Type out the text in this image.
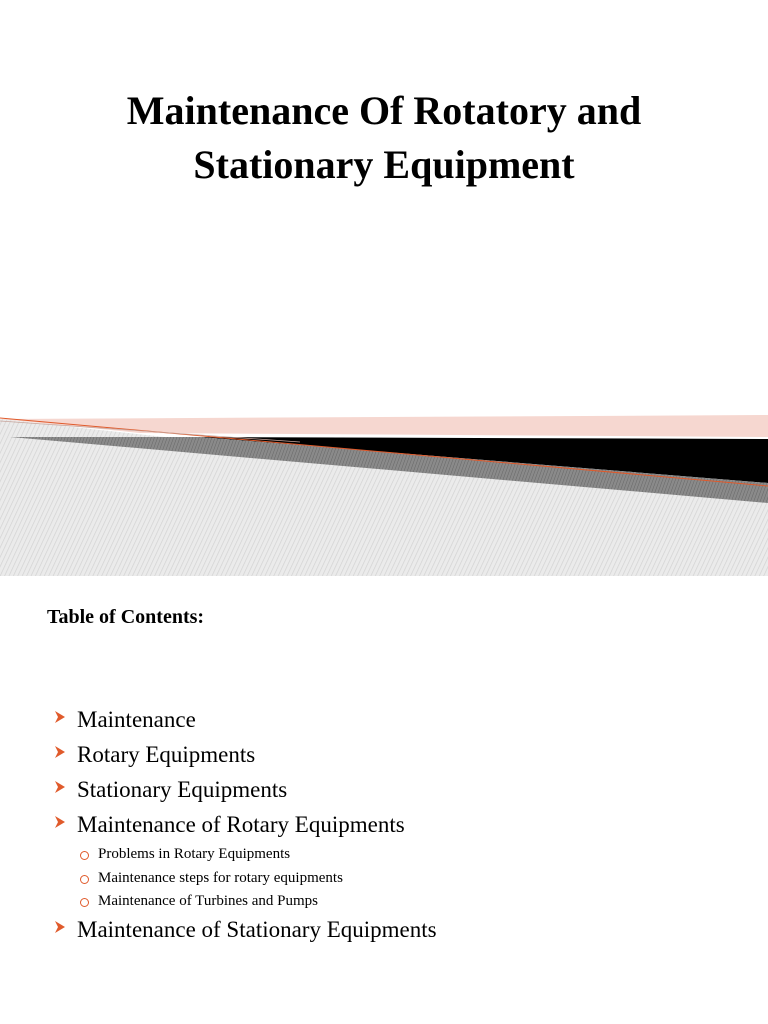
Maintenance Of Rotatory and
Stationary Equipment
Table of Contents:
Maintenance
Rotary Equipments
Stationary Equipments
Maintenance of Rotary Equipments
Problems in Rotary Equipments
Maintenance steps for rotary equipments
Maintenance of Turbines and Pumps
Maintenance of Stationary Equipments
